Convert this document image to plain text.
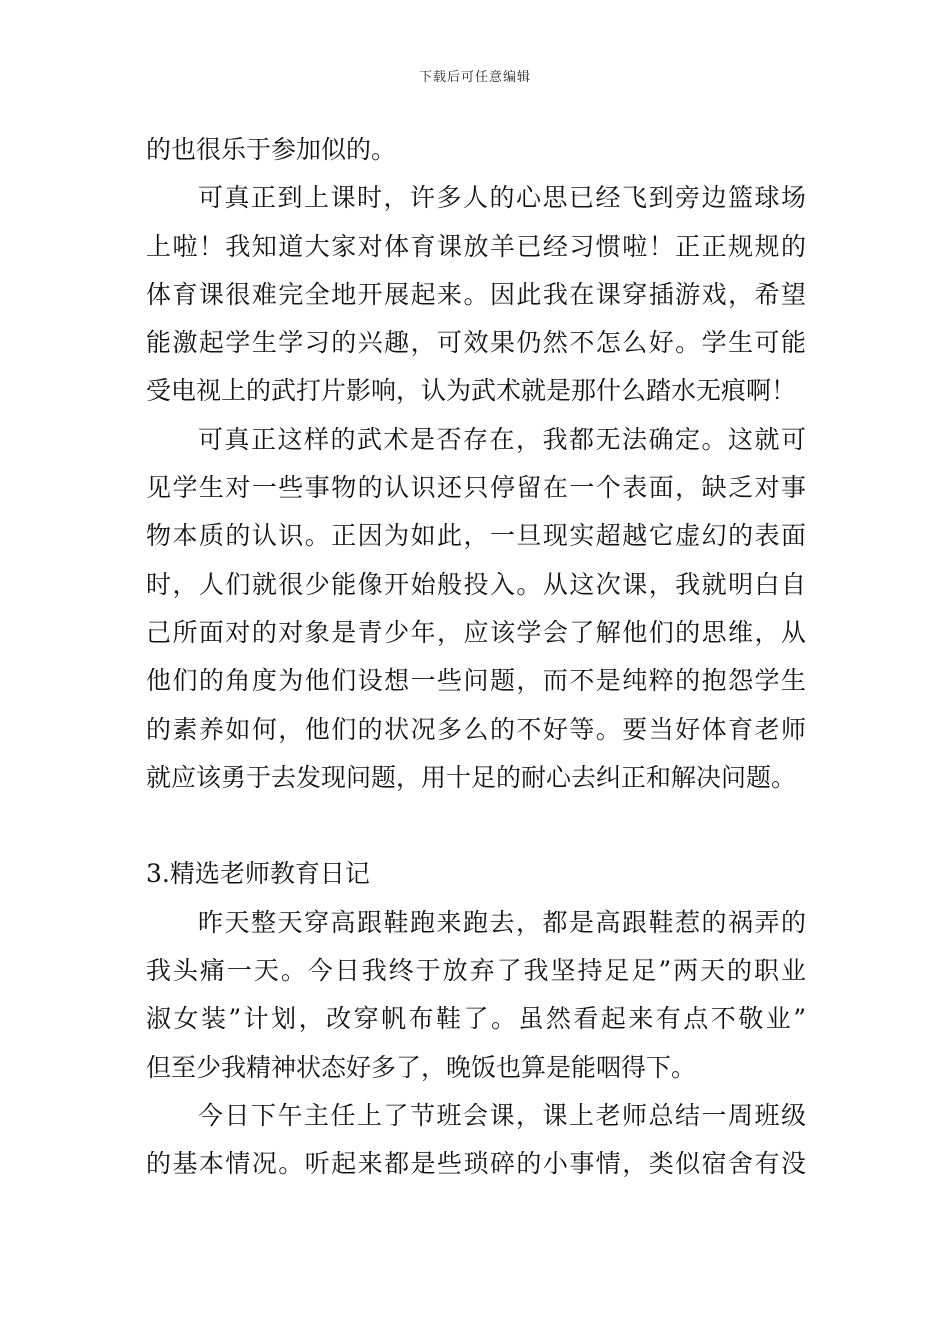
下载后可任意编辑
的也很乐于参加似的。
可真正到上课时，许多人的心思已经飞到旁边篮球场
上啦！我知道大家对体育课放羊已经习惯啦！正正规规的
体育课很难完全地开展起来。因此我在课穿插游戏，希望
能激起学生学习的兴趣，可效果仍然不怎么好。学生可能
受电视上的武打片影响，认为武术就是那什么踏水无痕啊！
可真正这样的武术是否存在，我都无法确定。这就可
见学生对一些事物的认识还只停留在一个表面，缺乏对事
物本质的认识。正因为如此，一旦现实超越它虚幻的表面
时，人们就很少能像开始般投入。从这次课，我就明白自
己所面对的对象是青少年，应该学会了解他们的思维，从
他们的角度为他们设想一些问题，而不是纯粹的抱怨学生
的素养如何，他们的状况多么的不好等。要当好体育老师
就应该勇于去发现问题，用十足的耐心去纠正和解决问题。
3.精选老师教育日记
昨天整天穿高跟鞋跑来跑去，都是高跟鞋惹的祸弄的
我头痛一天。今日我终于放弃了我坚持足足”两天的职业
淑女装”计划，改穿帆布鞋了。虽然看起来有点不敬业”
但至少我精神状态好多了，晚饭也算是能咽得下。
今日下午主任上了节班会课，课上老师总结一周班级
的基本情况。听起来都是些琐碎的小事情，类似宿舍有没
